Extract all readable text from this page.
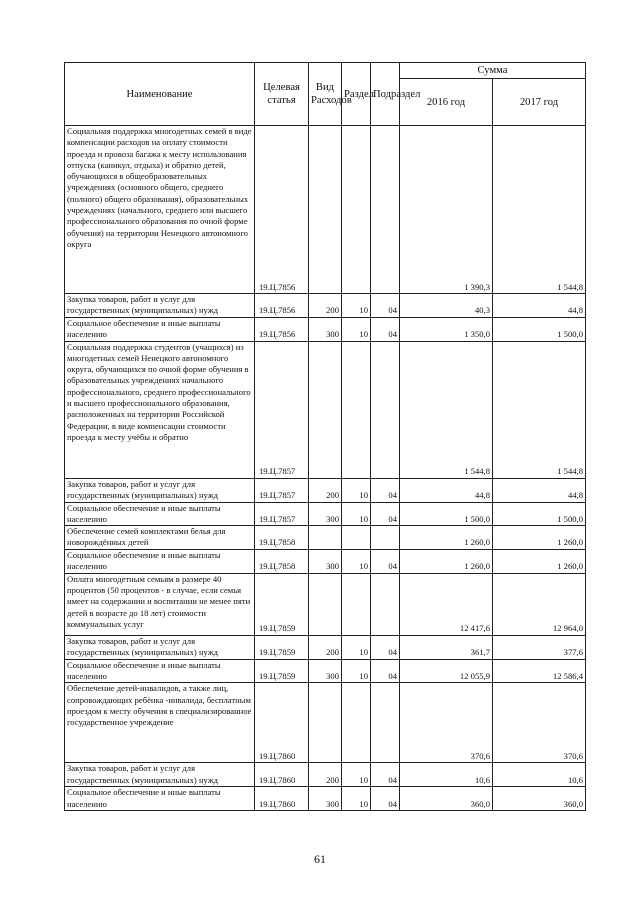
Наименование	Целевая статья	Вид Расходов	Раздел	Подраздел	Сумма	
					2016 год	2017 год
Социальная поддержка многодетных семей в виде компенсации расходов на оплату стоимости проезда и провоза багажа к месту использования отпуска (каникул, отдыха) и обратно детей, обучающихся в общеобразовательных учреждениях (основного общего, среднего (полного) общего образования), образовательных учреждениях (начального, среднего или высшего профессионального образования по очной форме обучения) на территории Ненецкого автономного округа	19.Ц.7856				1 390,3	1 544,8
Закупка товаров, работ и услуг для государственных (муниципальных) нужд	19.Ц.7856	200	10	04	40,3	44,8
Социальное обеспечение и иные выплаты населению	19.Ц.7856	300	10	04	1 350,0	1 500,0
Социальная поддержка студентов (учащихся) из многодетных семей Ненецкого автономного округа, обучающихся по очной форме обучения в образовательных учреждениях начального профессионального, среднего профессионального и высшего профессионального образования, расположенных на территории Российской Федерации, в виде компенсации стоимости проезда к месту учёбы и обратно	19.Ц.7857				1 544,8	1 544,8
Закупка товаров, работ и услуг для государственных (муниципальных) нужд	19.Ц.7857	200	10	04	44,8	44,8
Социальное обеспечение и иные выплаты населению	19.Ц.7857	300	10	04	1 500,0	1 500,0
Обеспечение семей комплектами белья для новорождённых детей	19.Ц.7858				1 260,0	1 260,0
Социальное обеспечение и иные выплаты населению	19.Ц.7858	300	10	04	1 260,0	1 260,0
Оплата многодетным семьям в размере 40 процентов (50 процентов - в случае, если семья имеет на содержании и воспитании не менее пяти детей в возрасте до 18 лет) стоимости коммунальных услуг	19.Ц.7859				12 417,6	12 964,0
Закупка товаров, работ и услуг для государственных (муниципальных) нужд	19.Ц.7859	200	10	04	361,7	377,6
Социальное обеспечение и иные выплаты населению	19.Ц.7859	300	10	04	12 055,9	12 586,4
Обеспечение детей-инвалидов, а также лиц, сопровождающих ребёнка -инвалида, бесплатным проездом к месту обучения в специализированное государственное учреждение	19.Ц.7860				370,6	370,6
Закупка товаров, работ и услуг для государственных (муниципальных) нужд	19.Ц.7860	200	10	04	10,6	10,6
Социальное обеспечение и иные выплаты населению	19.Ц.7860	300	10	04	360,0	360,0
61
